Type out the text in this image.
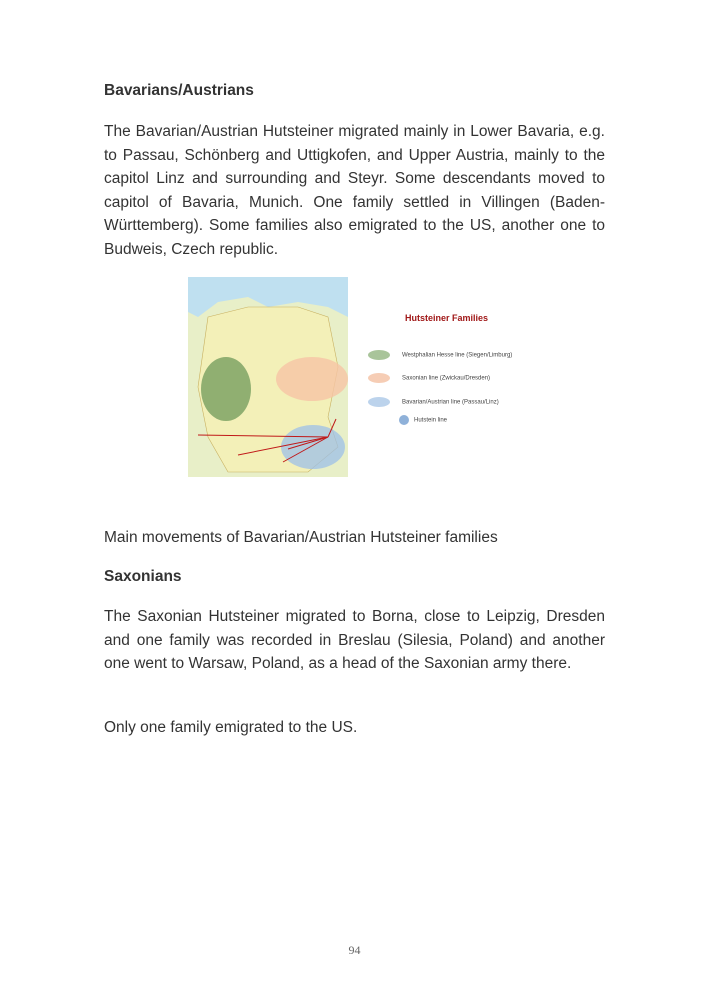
Bavarians/Austrians
The Bavarian/Austrian Hutsteiner migrated mainly in Lower Bavaria, e.g. to Passau, Schönberg and Uttigkofen, and Upper Austria, mainly to the capitol Linz and surrounding and Steyr. Some descendants moved to capitol of Bavaria, Munich. One family settled in Villingen (Baden-Württemberg). Some families also emigrated to the US, another one to Budweis, Czech republic.
Hutsteiner Families
Westphalian Hesse line (Siegen/Limburg)
Saxonian line (Zwickau/Dresden)
Bavarian/Austrian line (Passau/Linz)
Hutstein line
Main movements of Bavarian/Austrian Hutsteiner families
Saxonians
The Saxonian Hutsteiner migrated to Borna, close to Leipzig, Dresden and one family was recorded in Breslau (Silesia, Poland) and another one went to Warsaw, Poland, as a head of the Saxonian army there.
Only one family emigrated to the US.
94
